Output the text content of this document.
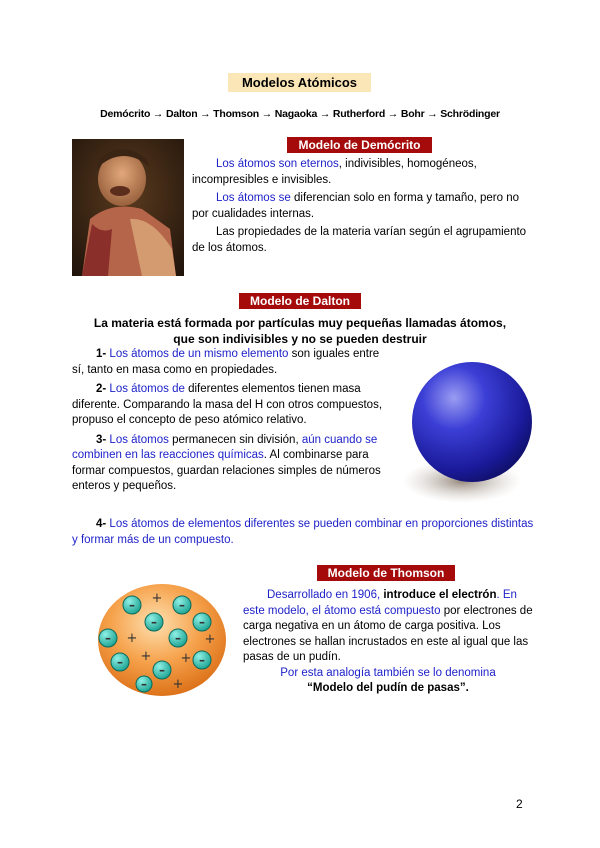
Modelos Atómicos
Demócrito → Dalton → Thomson → Nagaoka → Rutherford → Bohr → Schrödinger
Modelo de Demócrito

Los átomos son eternos, indivisibles, homogéneos, incompresibles e invisibles.

Los átomos se diferencian solo en forma y tamaño, pero no por cualidades internas.

Las propiedades de la materia varían según el agrupamiento de los átomos.

Modelo de Dalton
La materia está formada por partículas muy pequeñas llamadas átomos,
que son indivisibles y no se pueden destruir

1- Los átomos de un mismo elemento son iguales entre sí, tanto en masa como en propiedades.

2- Los átomos de diferentes elementos tienen masa diferente. Comparando la masa del H con otros compuestos, propuso el concepto de peso atómico relativo.

3- Los átomos permanecen sin división, aún cuando se combinen en las reacciones químicas. Al combinarse para formar compuestos, guardan relaciones simples de números enteros y pequeños.

4- Los átomos de elementos diferentes se pueden combinar en proporciones distintas y formar más de un compuesto.

Modelo de Thomson
–	–
–
–	–
–
–
–
–
–
+
+	+
+ +
+

Desarrollado en 1906, introduce el electrón. En este modelo, el átomo está compuesto por electrones de carga negativa en un átomo de carga positiva. Los electrones se hallan incrustados en este al igual que las pasas de un pudín.

Por esta analogía también se lo denomina

“Modelo del pudín de pasas”.

2
